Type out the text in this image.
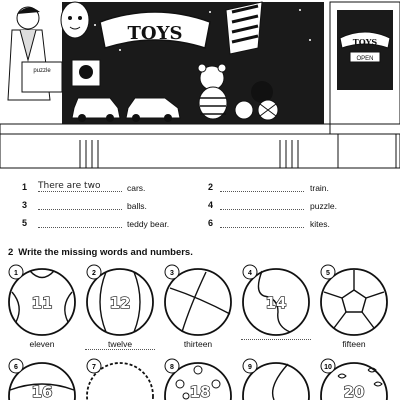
TOYS
puzzle
TOYS
OPEN
1 There are two	cars.	2	train.
3	balls.	4	puzzle.
5	teddy bear.	6	kites.
2 Write the missing words and numbers.
1
11
eleven
2
12
twelve
3
thirteen
4
14
5
fifteen
6
16
7	8
18
9	10
20
